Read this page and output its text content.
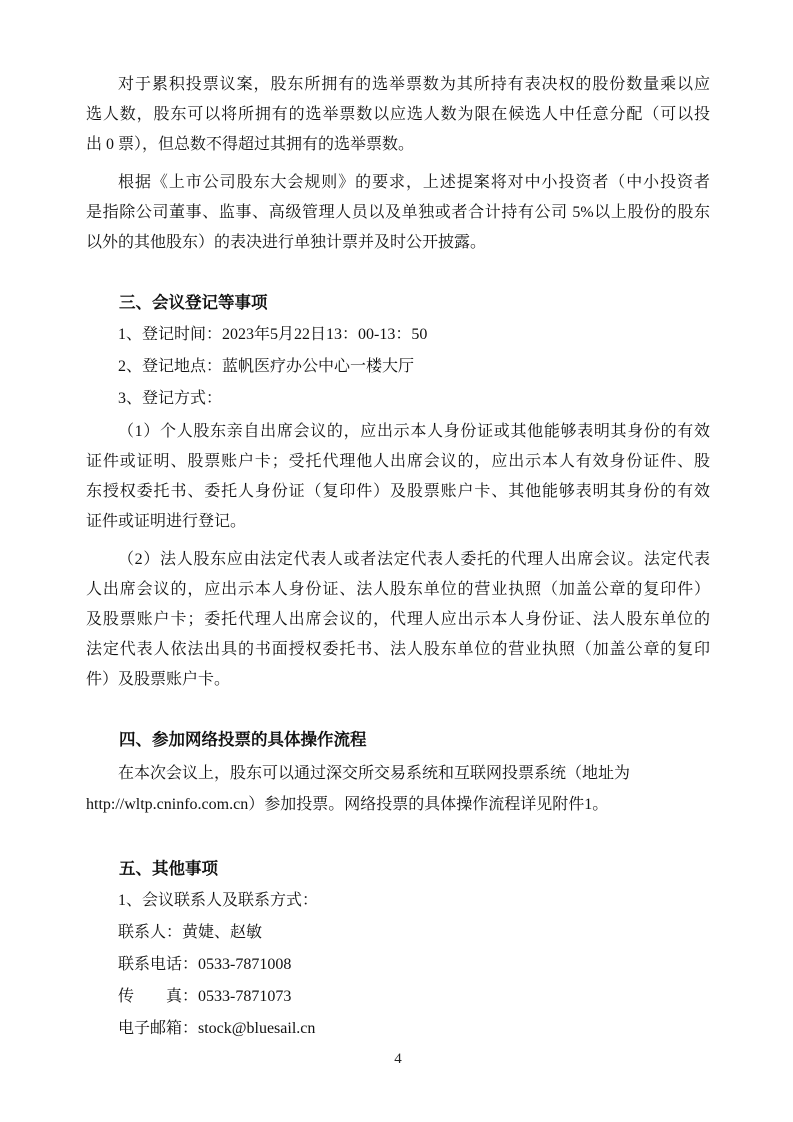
对于累积投票议案，股东所拥有的选举票数为其所持有表决权的股份数量乘以应
选人数，股东可以将所拥有的选举票数以应选人数为限在候选人中任意分配（可以投
出 0 票），但总数不得超过其拥有的选举票数。
根据《上市公司股东大会规则》的要求，上述提案将对中小投资者（中小投资者
是指除公司董事、监事、高级管理人员以及单独或者合计持有公司 5%以上股份的股东
以外的其他股东）的表决进行单独计票并及时公开披露。
三、会议登记等事项
1、登记时间：2023年5月22日13：00-13：50
2、登记地点：蓝帆医疗办公中心一楼大厅
3、登记方式：
（1）个人股东亲自出席会议的，应出示本人身份证或其他能够表明其身份的有效
证件或证明、股票账户卡；受托代理他人出席会议的，应出示本人有效身份证件、股
东授权委托书、委托人身份证（复印件）及股票账户卡、其他能够表明其身份的有效
证件或证明进行登记。
（2）法人股东应由法定代表人或者法定代表人委托的代理人出席会议。法定代表
人出席会议的，应出示本人身份证、法人股东单位的营业执照（加盖公章的复印件）
及股票账户卡；委托代理人出席会议的，代理人应出示本人身份证、法人股东单位的
法定代表人依法出具的书面授权委托书、法人股东单位的营业执照（加盖公章的复印
件）及股票账户卡。
四、参加网络投票的具体操作流程
在本次会议上，股东可以通过深交所交易系统和互联网投票系统（地址为
http://wltp.cninfo.com.cn）参加投票。网络投票的具体操作流程详见附件1。
五、其他事项
1、会议联系人及联系方式：
联系人：黄婕、赵敏
联系电话：0533-7871008
传　　真：0533-7871073
电子邮箱：stock@bluesail.cn
4
